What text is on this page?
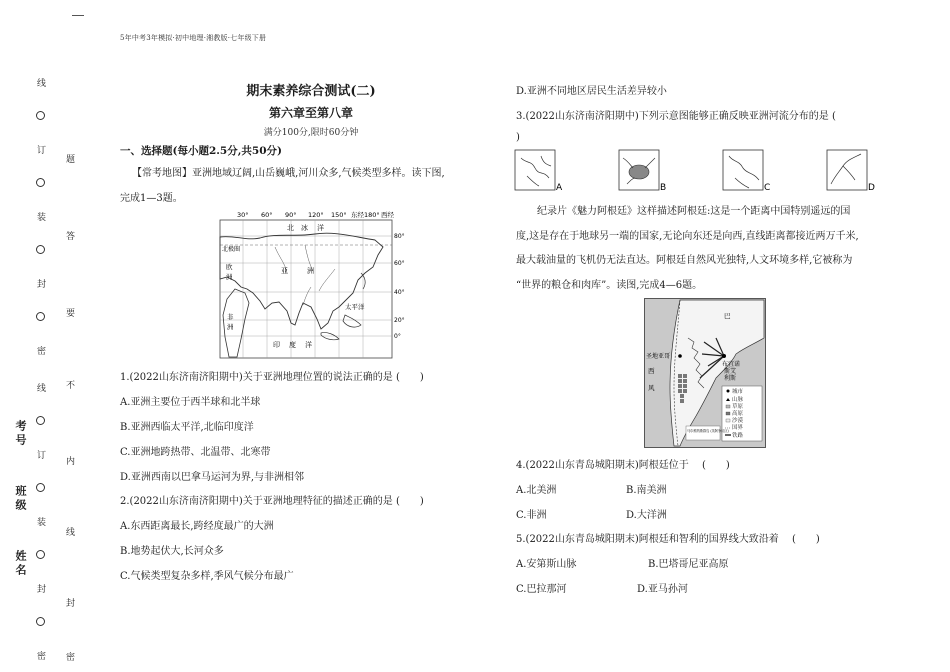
5年中考3年模拟·初中地理·湘教版·七年级下册
线
订
装
封
密
线
订
装
封
密
题
答
要
不
内
线
封
密
考号
班级
姓名
期末素养综合测试(二)
第六章至第八章
满分100分,限时60分钟
一、选择题(每小题2.5分,共50分)
【常考地图】亚洲地域辽阔,山岳巍峨,河川众多,气候类型多样。读下图,
完成1—3题。
30° 60° 90° 120° 150° 东经180° 西经
80°
60°
40°
20°
0°
北 冰 洋
北极圈
亚	洲
太平洋
印 度 洋
非
洲
欧
洲
1.(2022山东济南济阳期中)关于亚洲地理位置的说法正确的是 (　　)
A.亚洲主要位于西半球和北半球
B.亚洲西临太平洋,北临印度洋
C.亚洲地跨热带、北温带、北寒带
D.亚洲西南以巴拿马运河为界,与非洲相邻
2.(2022山东济南济阳期中)关于亚洲地理特征的描述正确的是 (　　)
A.东西距离最长,跨经度最广的大洲
B.地势起伏大,长河众多
C.气候类型复杂多样,季风气候分布最广
D.亚洲不同地区居民生活差异较小
3.(2022山东济南济阳期中)下列示意图能够正确反映亚洲河流分布的是 (
)
A	B	C	D
纪录片《魅力阿根廷》这样描述阿根廷:这是一个距离中国特别遥远的国
度,这是存在于地球另一端的国家,无论向东还是向西,直线距离都接近两万千米,
最大载油量的飞机仍无法直达。阿根廷自然风光独特,人文环境多样,它被称为
“世界的粮仓和肉库”。读图,完成4—6题。
巴
圣地亚哥
西
风
布宜诺
斯艾
利斯
城市
山脉
草原
高原
沙漠
国界
铁路
马尔维纳斯群岛 (英阿争议区)
4.(2022山东青岛城阳期末)阿根廷位于　 (　　)
A.北美洲	B.南美洲
C.非洲	D.大洋洲
5.(2022山东青岛城阳期末)阿根廷和智利的国界线大致沿着　 (　　)
A.安第斯山脉	B.巴塔哥尼亚高原
C.巴拉那河	D.亚马孙河
